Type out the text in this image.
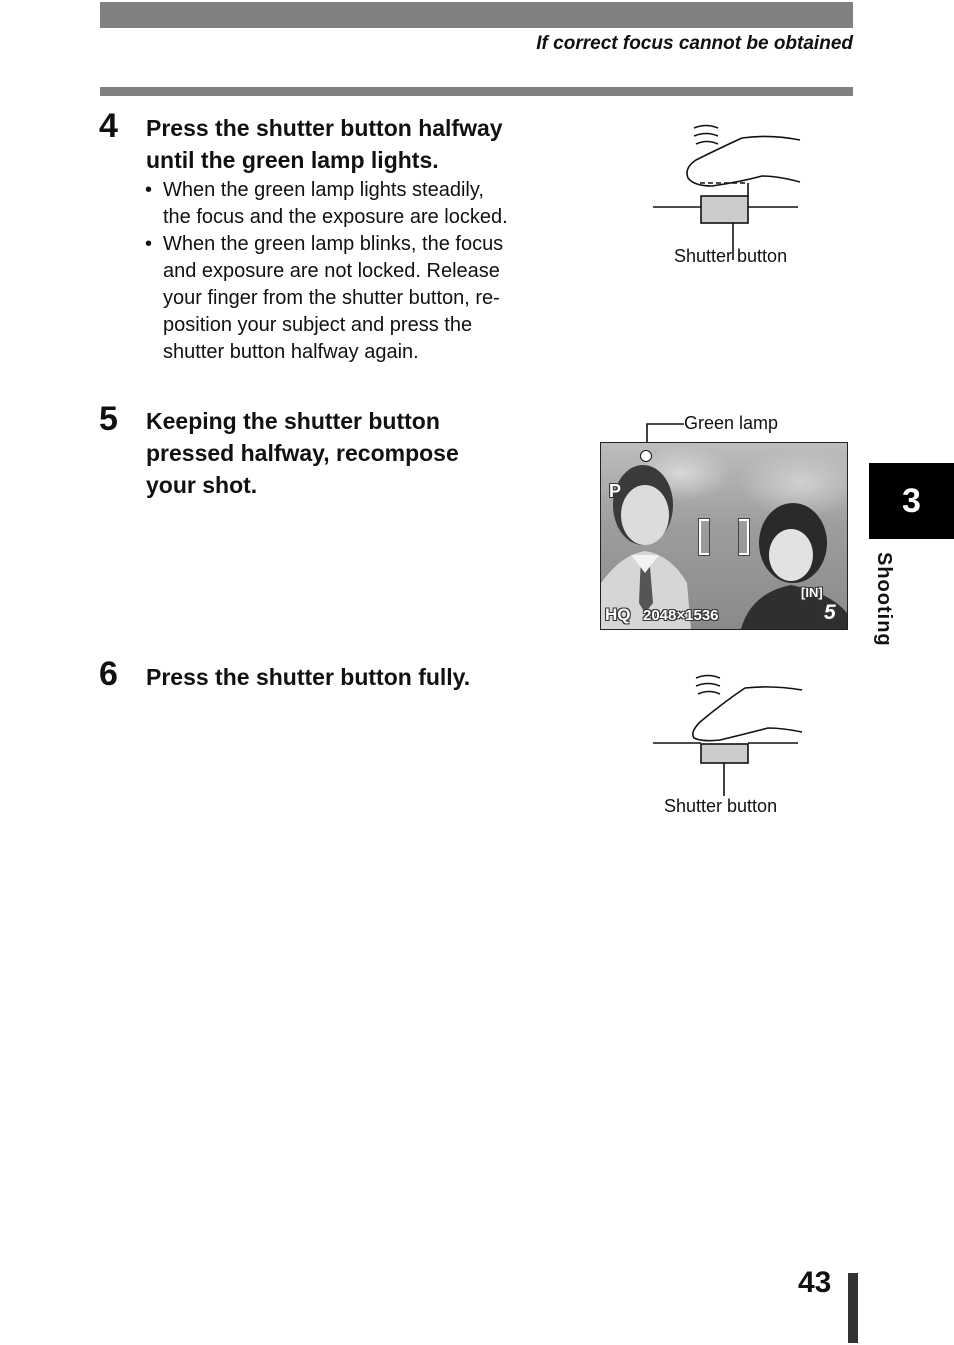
If correct focus cannot be obtained
4 Press the shutter button halfway
until the green lamp lights.
• When the green lamp lights steadily,
the focus and the exposure are locked.
• When the green lamp blinks, the focus
and exposure are not locked. Release
your finger from the shutter button, re-
position your subject and press the
shutter button halfway again.
Shutter button
5 Keeping the shutter button
pressed halfway, recompose
your shot.
Green lamp
P
[IN]
HQ 2048×1536	5
6 Press the shutter button fully.
Shutter button
3
Shooting
43
